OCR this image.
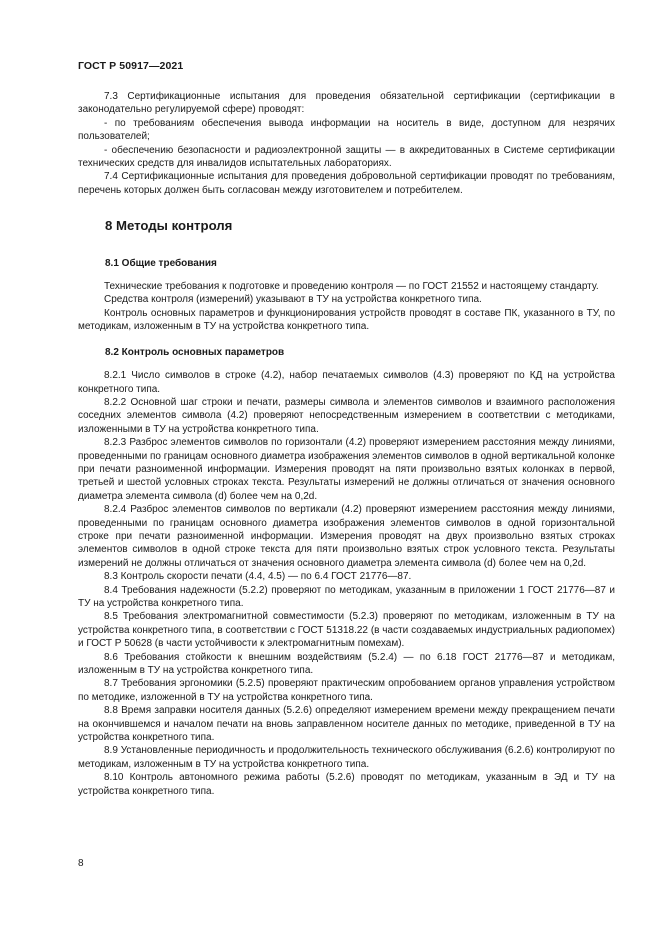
ГОСТ Р 50917—2021

7.3 Сертификационные испытания для проведения обязательной сертификации (сертификации в законодательно регулируемой сфере) проводят:

- по требованиям обеспечения вывода информации на носитель в виде, доступном для незрячих пользователей;

- обеспечению безопасности и радиоэлектронной защиты — в аккредитованных в Системе сертификации технических средств для инвалидов испытательных лабораториях.

7.4 Сертификационные испытания для проведения добровольной сертификации проводят по требованиям, перечень которых должен быть согласован между изготовителем и потребителем.

8 Методы контроля
8.1 Общие требования

Технические требования к подготовке и проведению контроля — по ГОСТ 21552 и настоящему стандарту.

Средства контроля (измерений) указывают в ТУ на устройства конкретного типа.

Контроль основных параметров и функционирования устройств проводят в составе ПК, указанного в ТУ, по методикам, изложенным в ТУ на устройства конкретного типа.

8.2 Контроль основных параметров

8.2.1 Число символов в строке (4.2), набор печатаемых символов (4.3) проверяют по КД на устройства конкретного типа.

8.2.2 Основной шаг строки и печати, размеры символа и элементов символов и взаимного расположения соседних элементов символа (4.2) проверяют непосредственным измерением в соответствии с методиками, изложенными в ТУ на устройства конкретного типа.

8.2.3 Разброс элементов символов по горизонтали (4.2) проверяют измерением расстояния между линиями, проведенными по границам основного диаметра изображения элементов символов в одной вертикальной колонке при печати разноименной информации. Измерения проводят на пяти произвольно взятых колонках в первой, третьей и шестой условных строках текста. Результаты измерений не должны отличаться от значения основного диаметра элемента символа (d) более чем на 0,2d.

8.2.4 Разброс элементов символов по вертикали (4.2) проверяют измерением расстояния между линиями, проведенными по границам основного диаметра изображения элементов символов в одной горизонтальной строке при печати разноименной информации. Измерения проводят на двух произвольно взятых строках элементов символов в одной строке текста для пяти произвольно взятых строк условного текста. Результаты измерений не должны отличаться от значения основного диаметра элемента символа (d) более чем на 0,2d.

8.3 Контроль скорости печати (4.4, 4.5) — по 6.4 ГОСТ 21776—87.

8.4 Требования надежности (5.2.2) проверяют по методикам, указанным в приложении 1 ГОСТ 21776—87 и ТУ на устройства конкретного типа.

8.5 Требования электромагнитной совместимости (5.2.3) проверяют по методикам, изложенным в ТУ на устройства конкретного типа, в соответствии с ГОСТ 51318.22 (в части создаваемых индустриальных радиопомех) и ГОСТ Р 50628 (в части устойчивости к электромагнитным помехам).

8.6 Требования стойкости к внешним воздействиям (5.2.4) — по 6.18 ГОСТ 21776—87 и методикам, изложенным в ТУ на устройства конкретного типа.

8.7 Требования эргономики (5.2.5) проверяют практическим опробованием органов управления устройством по методике, изложенной в ТУ на устройства конкретного типа.

8.8 Время заправки носителя данных (5.2.6) определяют измерением времени между прекращением печати на окончившемся и началом печати на вновь заправленном носителе данных по методике, приведенной в ТУ на устройства конкретного типа.

8.9 Установленные периодичность и продолжительность технического обслуживания (6.2.6) контролируют по методикам, изложенным в ТУ на устройства конкретного типа.

8.10 Контроль автономного режима работы (5.2.6) проводят по методикам, указанным в ЭД и ТУ на устройства конкретного типа.

8
